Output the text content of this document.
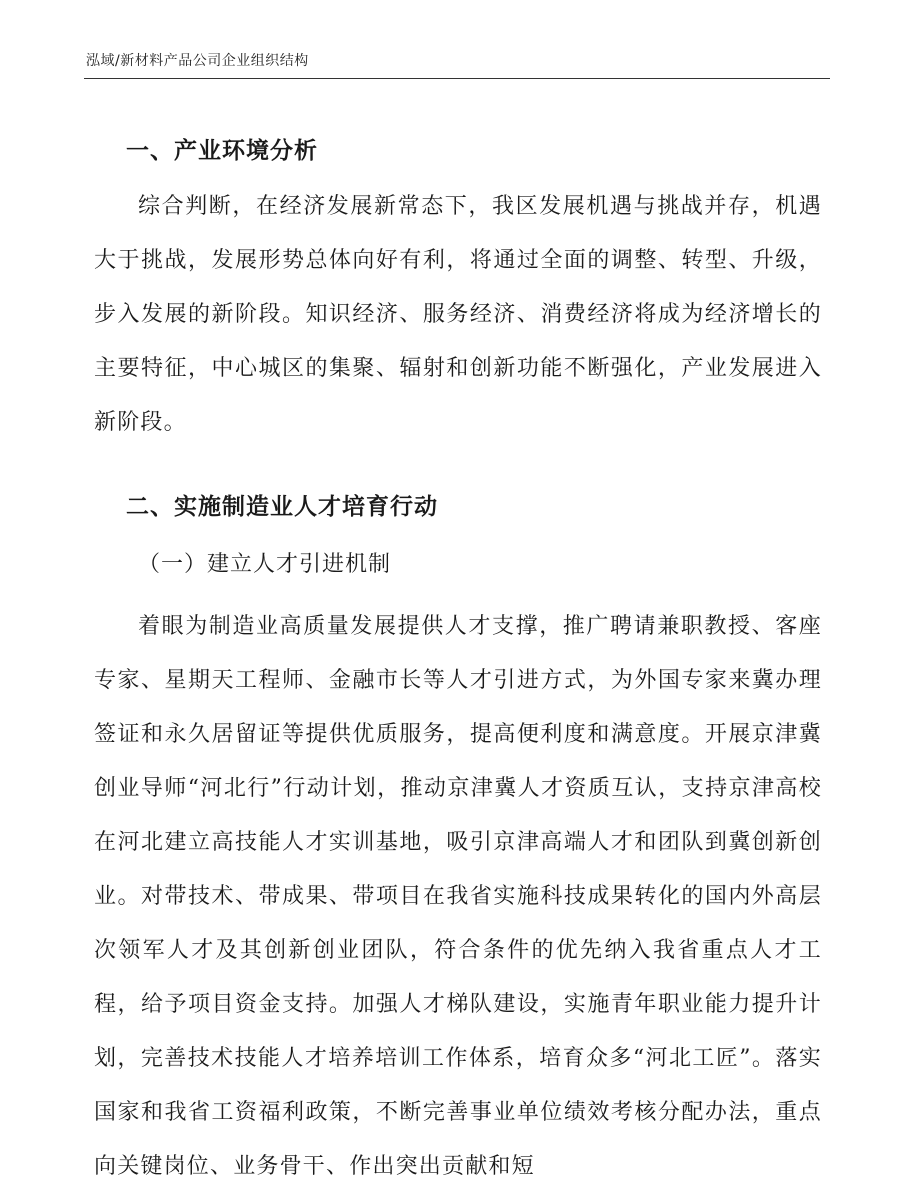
泓域/新材料产品公司企业组织结构
一、产业环境分析

综合判断，在经济发展新常态下，我区发展机遇与挑战并存，机遇大于挑战，发展形势总体向好有利，将通过全面的调整、转型、升级，步入发展的新阶段。知识经济、服务经济、消费经济将成为经济增长的主要特征，中心城区的集聚、辐射和创新功能不断强化，产业发展进入新阶段。

二、实施制造业人才培育行动
（一）建立人才引进机制

着眼为制造业高质量发展提供人才支撑，推广聘请兼职教授、客座专家、星期天工程师、金融市长等人才引进方式，为外国专家来冀办理签证和永久居留证等提供优质服务，提高便利度和满意度。开展京津冀创业导师“河北行”行动计划，推动京津冀人才资质互认，支持京津高校在河北建立高技能人才实训基地，吸引京津高端人才和团队到冀创新创业。对带技术、带成果、带项目在我省实施科技成果转化的国内外高层次领军人才及其创新创业团队，符合条件的优先纳入我省重点人才工程，给予项目资金支持。加强人才梯队建设，实施青年职业能力提升计划，完善技术技能人才培养培训工作体系，培育众多“河北工匠”。落实国家和我省工资福利政策，不断完善事业单位绩效考核分配办法，重点向关键岗位、业务骨干、作出突出贡献和短
